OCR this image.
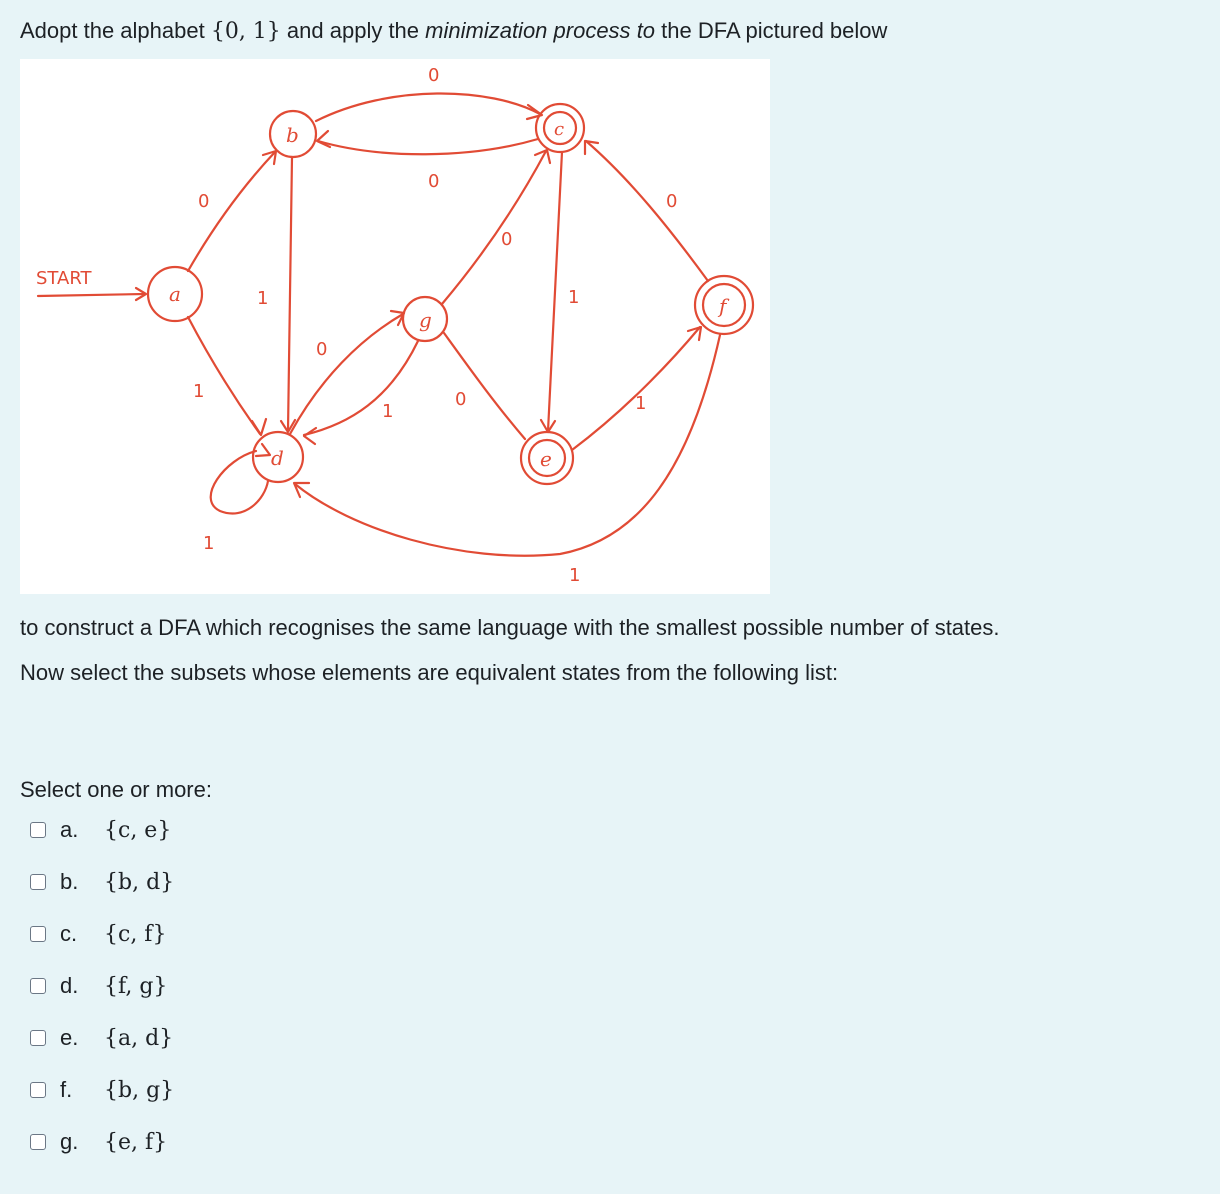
Adopt the alphabet {0, 1} and apply the minimization process to the DFA pictured below
START
a
b	c
d	e
f
g
0
0
1
1
0
1
0
0
0
1
1
1
1
0
to construct a DFA which recognises the same language with the smallest possible number of states.
Now select the subsets whose elements are equivalent states from the following list:
Select one or more:
a.	{c, e}
b.	{b, d}
c.	{c, f}
d.	{f, g}
e.	{a, d}
f.	{b, g}
g.	{e, f}
